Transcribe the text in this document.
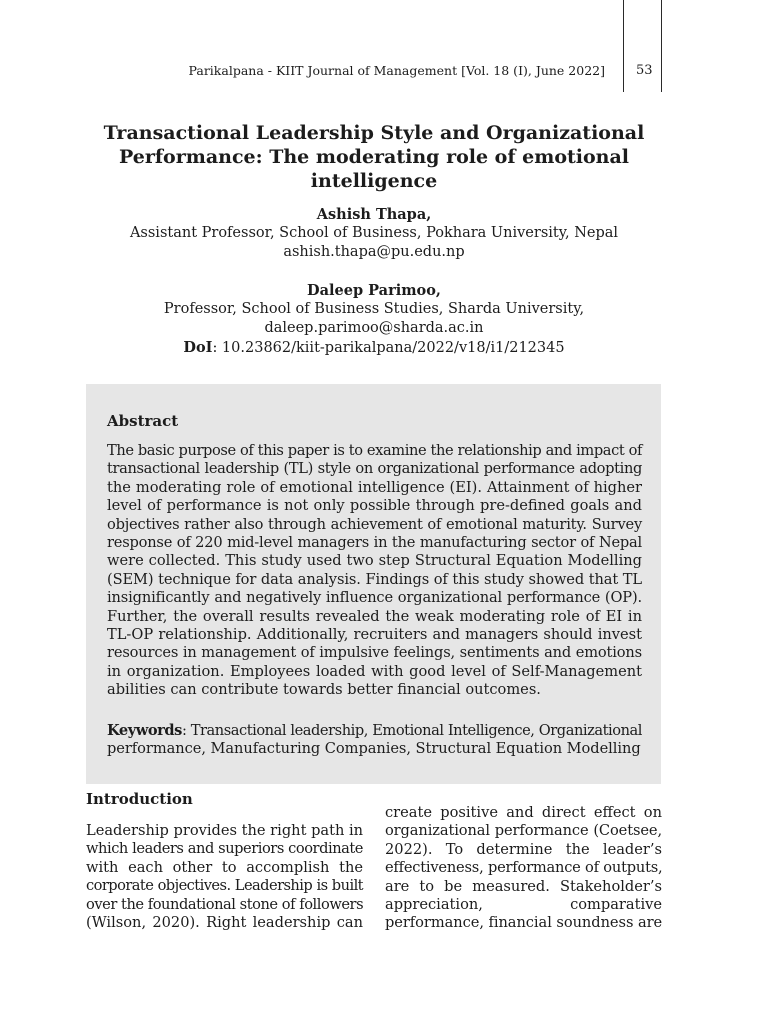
Parikalpana - KIIT Journal of Management [Vol. 18 (I), June 2022] 53
Transactional Leadership Style and Organizational
Performance: The moderating role of emotional
intelligence
Ashish Thapa,
Assistant Professor, School of Business, Pokhara University, Nepal
ashish.thapa@pu.edu.np
Daleep Parimoo,
Professor, School of Business Studies, Sharda University,
daleep.parimoo@sharda.ac.in
DoI: 10.23862/kiit-parikalpana/2022/v18/i1/212345
Abstract
The basic purpose of this paper is to examine the relationship and impact of
transactional leadership (TL) style on organizational performance adopting
the moderating role of emotional intelligence (EI). Attainment of higher
level of performance is not only possible through pre-defined goals and
objectives rather also through achievement of emotional maturity. Survey
response of 220 mid-level managers in the manufacturing sector of Nepal
were collected. This study used two step Structural Equation Modelling
(SEM) technique for data analysis. Findings of this study showed that TL
insignificantly and negatively influence organizational performance (OP).
Further, the overall results revealed the weak moderating role of EI in
TL-OP relationship. Additionally, recruiters and managers should invest
resources in management of impulsive feelings, sentiments and emotions
in organization. Employees loaded with good level of Self-Management
abilities can contribute towards better financial outcomes.
Keywords: Transactional leadership, Emotional Intelligence, Organizational
performance, Manufacturing Companies, Structural Equation Modelling
Introduction
Leadership provides the right path in
which leaders and superiors coordinate
with each other to accomplish the
corporate objectives. Leadership is built
over the foundational stone of followers
(Wilson, 2020). Right leadership can
create positive and direct effect on
organizational performance (Coetsee,
2022). To determine the leader’s
effectiveness, performance of outputs,
are to be measured. Stakeholder’s
appreciation, comparative
performance, financial soundness are
